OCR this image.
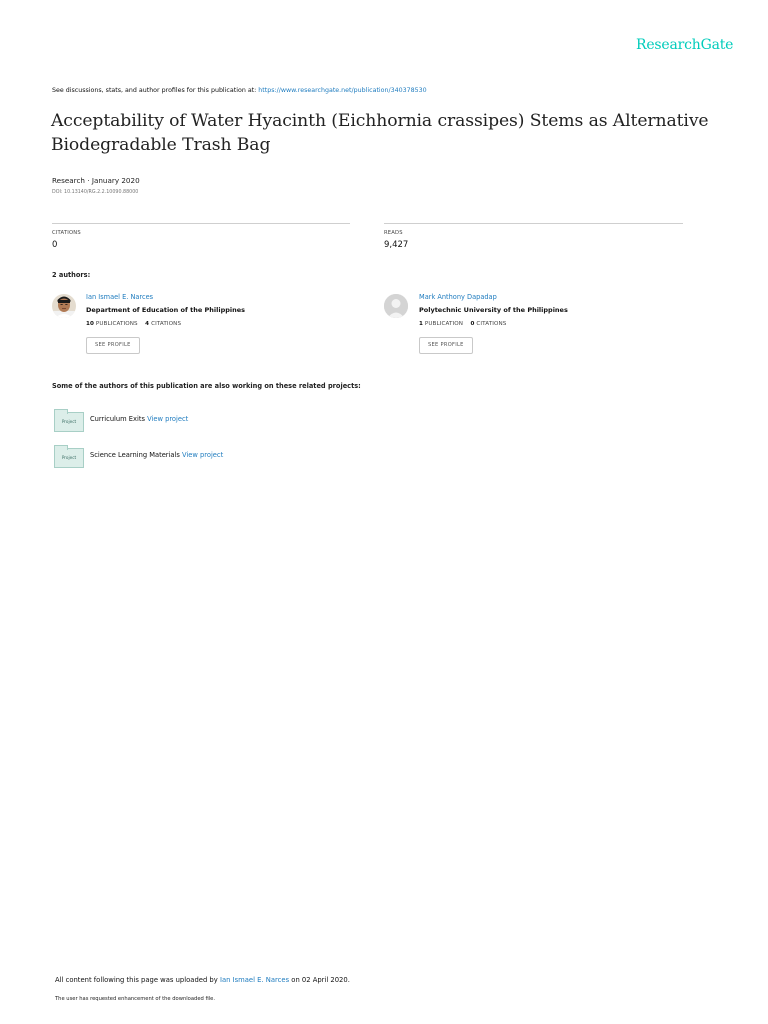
ResearchGate
See discussions, stats, and author profiles for this publication at: https://www.researchgate.net/publication/340378530
Acceptability of Water Hyacinth (Eichhornia crassipes) Stems as Alternative Biodegradable Trash Bag
Research · January 2020
DOI: 10.13140/RG.2.2.10090.88000
CITATIONS
0
READS
9,427
2 authors:
Ian Ismael E. Narces
Department of Education of the Philippines
10 PUBLICATIONS 4 CITATIONS
SEE PROFILE
Mark Anthony Dapadap
Polytechnic University of the Philippines
1 PUBLICATION 0 CITATIONS
SEE PROFILE
Some of the authors of this publication are also working on these related projects:
Project	Curriculum Exits View project
Project	Science Learning Materials View project
All content following this page was uploaded by Ian Ismael E. Narces on 02 April 2020.
The user has requested enhancement of the downloaded file.
